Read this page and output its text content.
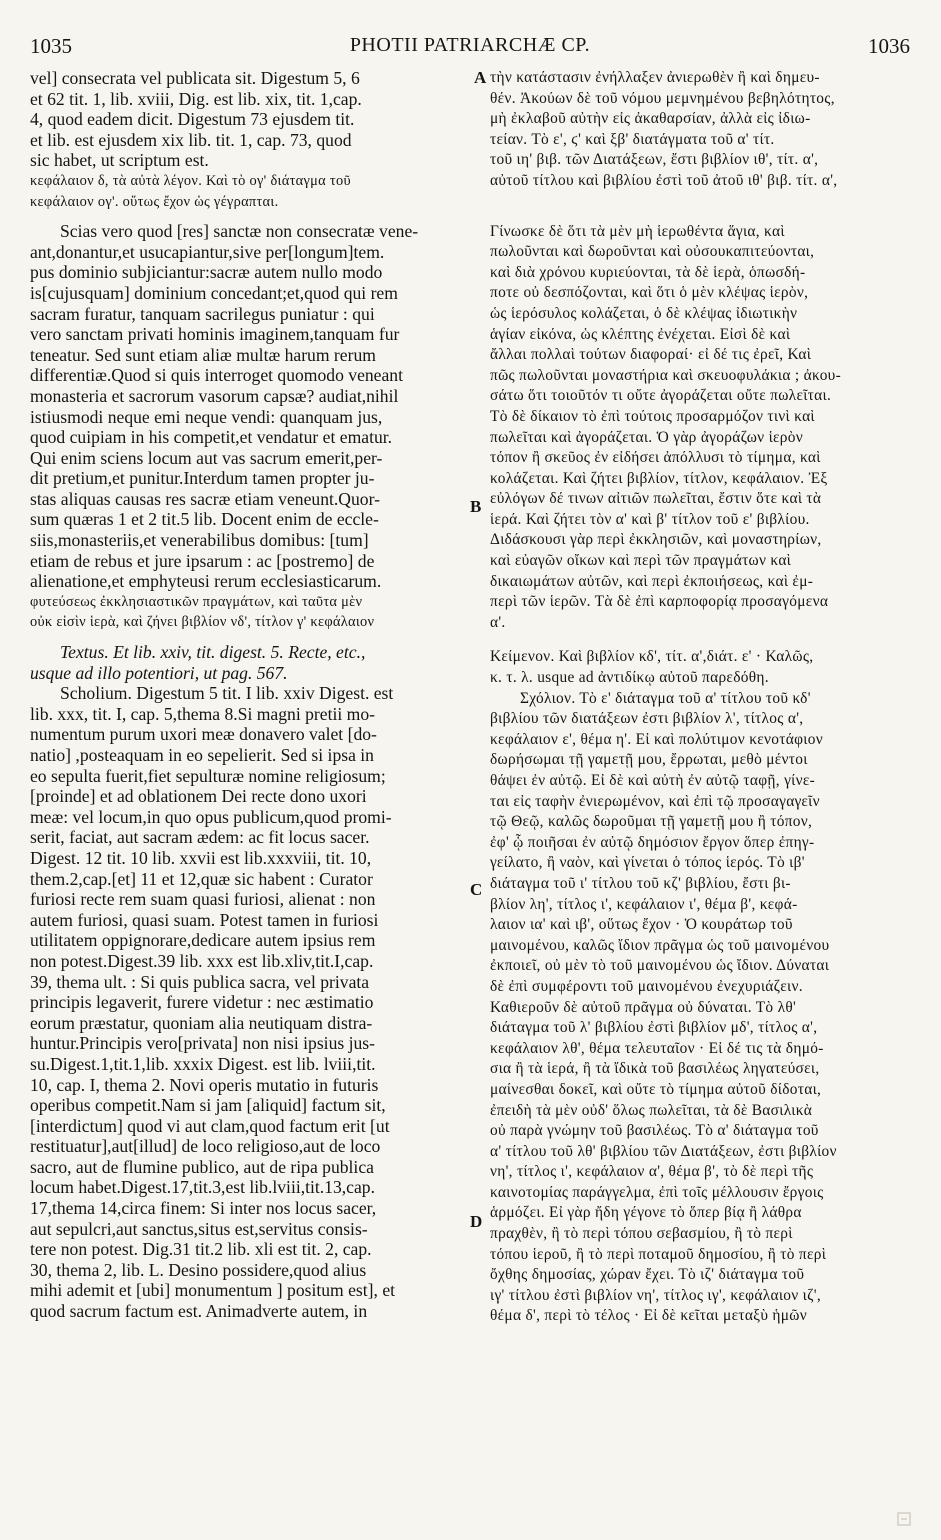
1035	PHOTII PATRIARCHÆ CP.	1036
vel] consecrata vel publicata sit. Digestum 5, 6
et 62 tit. 1, lib. xviii, Dig. est lib. xix, tit. 1,cap.
4, quod eadem dicit. Digestum 73 ejusdem tit.
et lib. est ejusdem xix lib. tit. 1, cap. 73, quod
sic habet, ut scriptum est.
κεφάλαιον δ, τὰ αὐτὰ λέγον. Καὶ τὸ ογ' διάταγμα τοῦ
κεφάλαιον ογ'. οὕτως ἔχον ὡς γέγραπται.
Scias vero quod [res] sanctæ non consecratæ vene-
ant,donantur,et usucapiantur,sive per[longum]tem.
pus dominio subjiciantur:sacræ autem nullo modo
is[cujusquam] dominium concedant;et,quod qui rem
sacram furatur, tanquam sacrilegus puniatur : qui
vero sanctam privati hominis imaginem,tanquam fur
teneatur. Sed sunt etiam aliæ multæ harum rerum
differentiæ.Quod si quis interroget quomodo veneant
monasteria et sacrorum vasorum capsæ? audiat,nihil
istiusmodi neque emi neque vendi: quanquam jus,
quod cuipiam in his competit,et vendatur et ematur.
Qui enim sciens locum aut vas sacrum emerit,per-
dit pretium,et punitur.Interdum tamen propter ju-
stas aliquas causas res sacræ etiam veneunt.Quor-
sum quæras 1 et 2 tit.5 lib. Docent enim de eccle-
siis,monasteriis,et venerabilibus domibus: [tum]
etiam de rebus et jure ipsarum : ac [postremo] de
alienatione,et emphyteusi rerum ecclesiasticarum.
φυτεύσεως ἐκκλησιαστικῶν πραγμάτων, καὶ ταῦτα μὲν
οὐκ εἰσὶν ἱερὰ, καὶ ζήνει βιβλίον νδ', τίτλον γ' κεφάλαιον
Textus. Et lib. xxiv, tit. digest. 5. Recte, etc.,
usque ad illo potentiori, ut pag. 567.
Scholium. Digestum 5 tit. I lib. xxiv Digest. est
lib. xxx, tit. I, cap. 5,thema 8.Si magni pretii mo-
numentum purum uxori meæ donavero valet [do-
natio] ,posteaquam in eo sepelierit. Sed si ipsa in
eo sepulta fuerit,fiet sepulturæ nomine religiosum;
[proinde] et ad oblationem Dei recte dono uxori
meæ: vel locum,in quo opus publicum,quod promi-
serit, faciat, aut sacram ædem: ac fit locus sacer.
Digest. 12 tit. 10 lib. xxvii est lib.xxxviii, tit. 10,
them.2,cap.[et] 11 et 12,quæ sic habent : Curator
furiosi recte rem suam quasi furiosi, alienat : non
autem furiosi, quasi suam. Potest tamen in furiosi
utilitatem oppignorare,dedicare autem ipsius rem
non potest.Digest.39 lib. xxx est lib.xliv,tit.I,cap.
39, thema ult. : Si quis publica sacra, vel privata
principis legaverit, furere videtur : nec æstimatio
eorum præstatur, quoniam alia neutiquam distra-
huntur.Principis vero[privata] non nisi ipsius jus-
su.Digest.1,tit.1,lib. xxxix Digest. est lib. lviii,tit.
10, cap. I, thema 2. Novi operis mutatio in futuris
operibus competit.Nam si jam [aliquid] factum sit,
[interdictum] quod vi aut clam,quod factum erit [ut
restituatur],aut[illud] de loco religioso,aut de loco
sacro, aut de flumine publico, aut de ripa publica
locum habet.Digest.17,tit.3,est lib.lviii,tit.13,cap.
17,thema 14,circa finem: Si inter nos locus sacer,
aut sepulcri,aut sanctus,situs est,servitus consis-
tere non potest. Dig.31 tit.2 lib. xli est tit. 2, cap.
30, thema 2, lib. L. Desino possidere,quod alius
mihi ademit et [ubi] monumentum ] positum est], et
quod sacrum factum est. Animadverte autem, in
A
B
C
D
τὴν κατάστασιν ἐνήλλαξεν ἀνιερωθὲν ἢ καὶ δημευ-
θέν. Ἀκούων δὲ τοῦ νόμου μεμνημένου βεβηλότητος,
μὴ ἐκλαβοῦ αὐτὴν εἰς ἀκαθαρσίαν, ἀλλὰ εἰς ἰδιω-
τείαν. Τὸ ε', ϛ' καὶ ξβ' διατάγματα τοῦ α' τίτ.
τοῦ ιη' βιβ. τῶν Διατάξεων, ἔστι βιβλίον ιθ', τίτ. α',
αὐτοῦ τίτλου καὶ βιβλίου ἐστὶ τοῦ ἀτοῦ ιθ' βιβ. τίτ. α',
Γίνωσκε δὲ ὅτι τὰ μὲν μὴ ἱερωθέντα ἅγια, καὶ
πωλοῦνται καὶ δωροῦνται καὶ οὐσουκαπιτεύονται,
καὶ διὰ χρόνου κυριεύονται, τὰ δὲ ἱερὰ, ὁπωσδή-
ποτε οὐ δεσπόζονται, καὶ ὅτι ὁ μὲν κλέψας ἱερὸν,
ὡς ἱερόσυλος κολάζεται, ὁ δὲ κλέψας ἰδιωτικὴν
ἁγίαν εἰκόνα, ὡς κλέπτης ἐνέχεται. Εἰσὶ δὲ καὶ
ἄλλαι πολλαὶ τούτων διαφοραί· εἰ δέ τις ἐρεῖ, Καὶ
πῶς πωλοῦνται μοναστήρια καὶ σκευοφυλάκια ; ἀκου-
σάτω ὅτι τοιοῦτόν τι οὔτε ἀγοράζεται οὔτε πωλεῖται.
Τὸ δὲ δίκαιον τὸ ἐπὶ τούτοις προσαρμόζον τινὶ καὶ
πωλεῖται καὶ ἀγοράζεται. Ὁ γὰρ ἀγοράζων ἱερὸν
τόπον ἢ σκεῦος ἐν εἰδήσει ἀπόλλυσι τὸ τίμημα, καὶ
κολάζεται. Καὶ ζήτει βιβλίον, τίτλον, κεφάλαιον. Ἐξ
εὐλόγων δέ τινων αἰτιῶν πωλεῖται, ἔστιν ὅτε καὶ τὰ
ἱερά. Καὶ ζήτει τὸν α' καὶ β' τίτλον τοῦ ε' βιβλίου.
Διδάσκουσι γὰρ περὶ ἐκκλησιῶν, καὶ μοναστηρίων,
καὶ εὐαγῶν οἴκων καὶ περὶ τῶν πραγμάτων καὶ
δικαιωμάτων αὐτῶν, καὶ περὶ ἐκποιήσεως, καὶ ἐμ-
περὶ τῶν ἱερῶν. Τὰ δὲ ἐπὶ καρποφορίᾳ προσαγόμενα
α'.
Κείμενον. Καὶ βιβλίον κδ', τίτ. α',διάτ. ε' · Καλῶς,
κ. τ. λ. usque ad ἀντιδίκῳ αὐτοῦ παρεδόθη.
Σχόλιον. Τὸ ε' διάταγμα τοῦ α' τίτλου τοῦ κδ'
βιβλίου τῶν διατάξεων ἐστι βιβλίον λ', τίτλος α',
κεφάλαιον ε', θέμα η'. Εἰ καὶ πολύτιμον κενοτάφιον
δωρήσωμαι τῇ γαμετῇ μου, ἔρρωται, μεθὸ μέντοι
θάψει ἐν αὐτῷ. Εἰ δὲ καὶ αὐτὴ ἐν αὐτῷ ταφῇ, γίνε-
ται εἰς ταφὴν ἐνιερωμένον, καὶ ἐπὶ τῷ προσαγαγεῖν
τῷ Θεῷ, καλῶς δωροῦμαι τῇ γαμετῇ μου ἢ τόπον,
ἐφ' ᾧ ποιῆσαι ἐν αὐτῷ δημόσιον ἔργον ὅπερ ἐπηγ-
γείλατο, ἢ ναὸν, καὶ γίνεται ὁ τόπος ἱερός. Τὸ ιβ'
διάταγμα τοῦ ι' τίτλου τοῦ κζ' βιβλίου, ἔστι βι-
βλίον λη', τίτλος ι', κεφάλαιον ι', θέμα β', κεφά-
λαιον ια' καὶ ιβ', οὕτως ἔχον · Ὁ κουράτωρ τοῦ
μαινομένου, καλῶς ἴδιον πρᾶγμα ὡς τοῦ μαινομένου
ἐκποιεῖ, οὐ μὲν τὸ τοῦ μαινομένου ὡς ἴδιον. Δύναται
δὲ ἐπὶ συμφέροντι τοῦ μαινομένου ἐνεχυριάζειν.
Καθιεροῦν δὲ αὐτοῦ πρᾶγμα οὐ δύναται. Τὸ λθ'
διάταγμα τοῦ λ' βιβλίου ἐστὶ βιβλίον μδ', τίτλος α',
κεφάλαιον λθ', θέμα τελευταῖον · Εἰ δέ τις τὰ δημό-
σια ἢ τὰ ἱερά, ἢ τὰ ἴδικὰ τοῦ βασιλέως ληγατεύσει,
μαίνεσθαι δοκεῖ, καὶ οὔτε τὸ τίμημα αὐτοῦ δίδοται,
ἐπειδὴ τὰ μὲν οὐδ' ὅλως πωλεῖται, τὰ δὲ Βασιλικὰ
οὐ παρὰ γνώμην τοῦ βασιλέως. Τὸ α' διάταγμα τοῦ
α' τίτλου τοῦ λθ' βιβλίου τῶν Διατάξεων, ἐστι βιβλίον
νη', τίτλος ι', κεφάλαιον α', θέμα β', τὸ δὲ περὶ τῆς
καινοτομίας παράγγελμα, ἐπὶ τοῖς μέλλουσιν ἔργοις
ἁρμόζει. Εἰ γὰρ ἤδη γέγονε τὸ ὅπερ βίᾳ ἢ λάθρα
πραχθὲν, ἢ τὸ περὶ τόπου σεβασμίου, ἢ τὸ περὶ
τόπου ἱεροῦ, ἢ τὸ περὶ ποταμοῦ δημοσίου, ἢ τὸ περὶ
ὄχθης δημοσίας, χώραν ἔχει. Τὸ ιζ' διάταγμα τοῦ
ιγ' τίτλου ἐστὶ βιβλίον νη', τίτλος ιγ', κεφάλαιον ιζ',
θέμα δ', περὶ τὸ τέλος · Εἰ δὲ κεῖται μεταξὺ ἡμῶν
